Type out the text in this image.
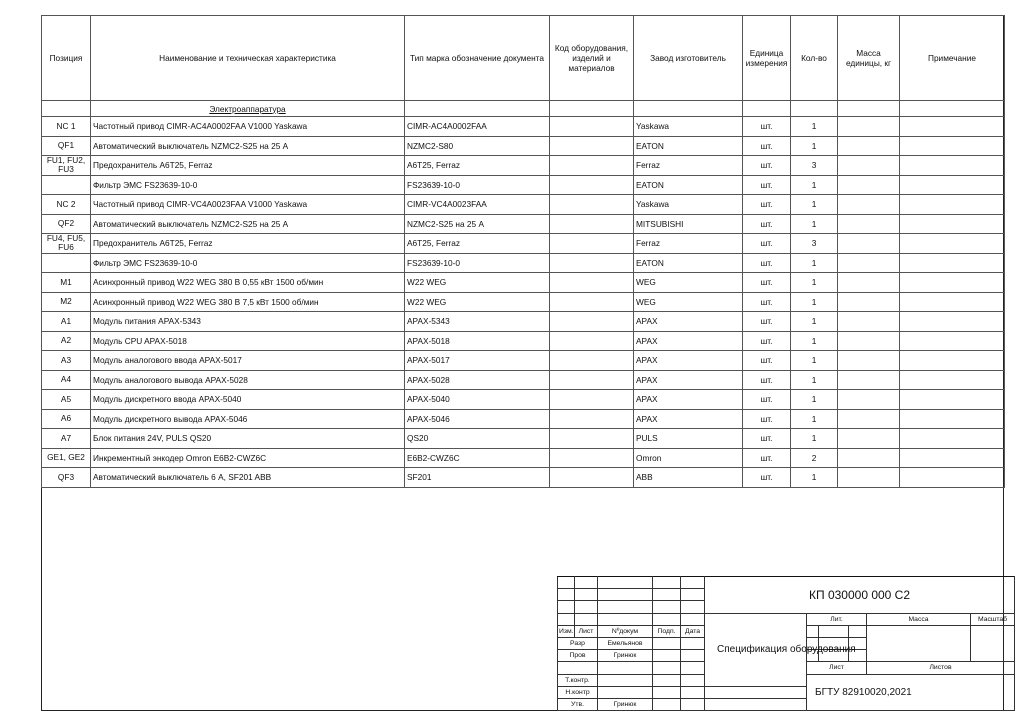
Позиция	Наименование и техническая характеристика	Тип марка обозначение документа	Код оборудования, изделий и материалов	Завод изготовитель	Единица измерения	Кол-во	Масса единицы, кг	Примечание
	Электроаппаратура							
NC 1	Частотный привод CIMR-AC4A0002FAA V1000 Yaskawa	CIMR-AC4A0002FAA		Yaskawa	шт.	1		
QF1	Автоматический выключатель NZMC2-S25 на 25 А	NZMC2-S80		EATON	шт.	1		
FU1, FU2, FU3	Предохранитель A6T25, Ferraz	A6T25, Ferraz		Ferraz	шт.	3		
	Фильтр ЭМС FS23639-10-0	FS23639-10-0		EATON	шт.	1		
NC 2	Частотный привод CIMR-VC4A0023FAA V1000 Yaskawa	CIMR-VC4A0023FAA		Yaskawa	шт.	1		
QF2	Автоматический выключатель NZMC2-S25 на 25 А	NZMC2-S25 на 25 А		MITSUBISHI	шт.	1		
FU4, FU5, FU6	Предохранитель A6T25, Ferraz	A6T25, Ferraz		Ferraz	шт.	3		
	Фильтр ЭМС FS23639-10-0	FS23639-10-0		EATON	шт.	1		
M1	Асинхронный привод W22 WEG 380 В 0,55 кВт 1500 об/мин	W22 WEG		WEG	шт.	1		
M2	Асинхронный привод W22 WEG 380 В 7,5 кВт 1500 об/мин	W22 WEG		WEG	шт.	1		
A1	Модуль питания APAX-5343	APAX-5343		APAX	шт.	1		
A2	Модуль CPU APAX-5018	APAX-5018		APAX	шт.	1		
A3	Модуль аналогового ввода APAX-5017	APAX-5017		APAX	шт.	1		
A4	Модуль аналогового вывода APAX-5028	APAX-5028		APAX	шт.	1		
A5	Модуль дискретного ввода APAX-5040	APAX-5040		APAX	шт.	1		
A6	Модуль дискретного вывода APAX-5046	APAX-5046		APAX	шт.	1		
A7	Блок питания 24V, PULS QS20	QS20		PULS	шт.	1		
GE1, GE2	Инкрементный энкодер Omron E6B2-CWZ6C	E6B2-CWZ6C		Omron	шт.	2		
QF3	Автоматический выключатель 6 А, SF201 ABB	SF201		ABB	шт.	1		
					КП 030000 000 С2					

					Спецификация оборудования	Лит.			Масса	Масштаб
Изм.	Лист	Nºдокум	Подп.	Дата						
Разр		Емельянов								
Пров		Гринюк								
						Лист			Листов	
Т.контр.						БГТУ 82910020,2021				
Н.контр										
Утв.		Гринюк								
